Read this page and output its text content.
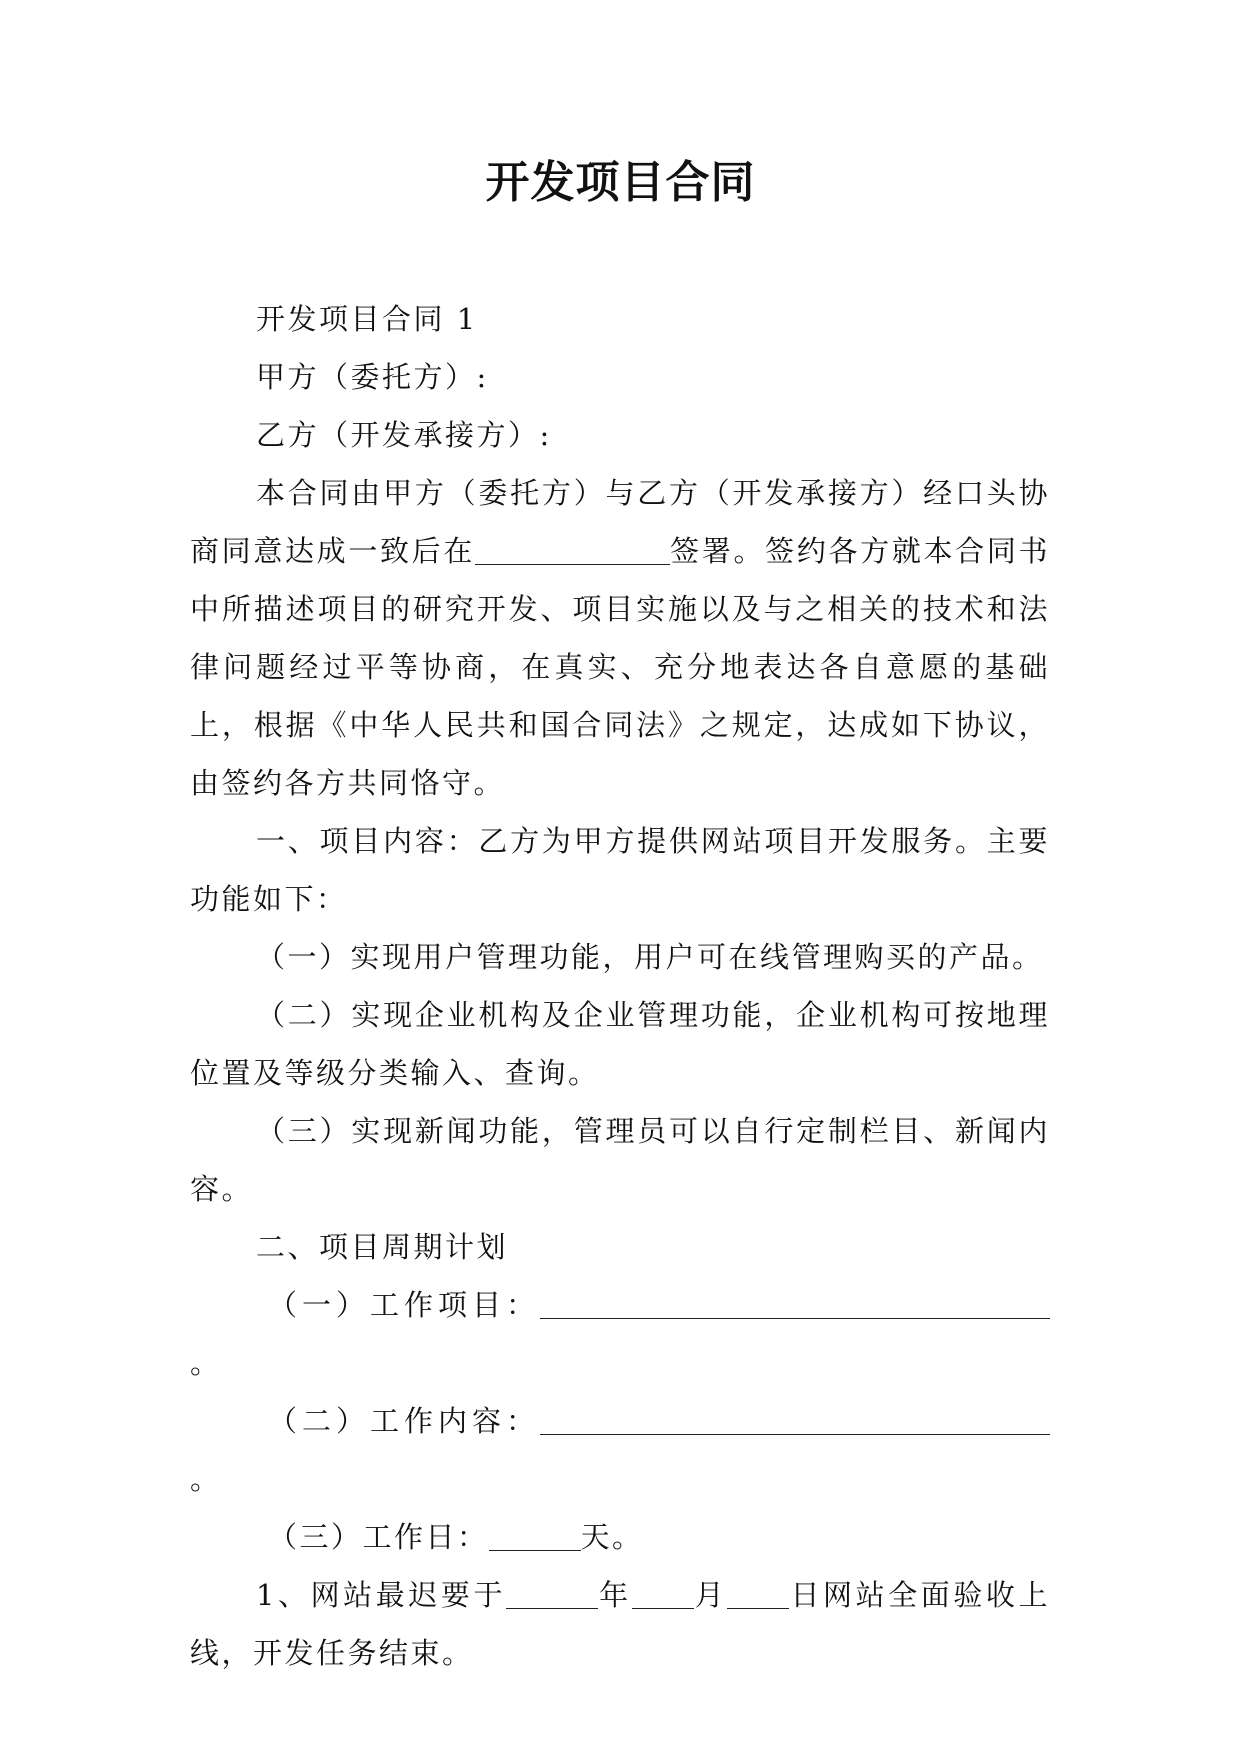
开发项目合同

开发项目合同 1

甲方（委托方）:

乙方（开发承接方）:

本合同由甲方（委托方）与乙方（开发承接方）经口头协商同意达成一致后在	签署。签约各方就本合同书中所描述项目的研究开发、项目实施以及与之相关的技术和法律问题经过平等协商，在真实、充分地表达各自意愿的基础上，根据《中华人民共和国合同法》之规定，达成如下协议，由签约各方共同恪守。

一、项目内容：乙方为甲方提供网站项目开发服务。主要功能如下：

（一）实现用户管理功能，用户可在线管理购买的产品。

（二）实现企业机构及企业管理功能，企业机构可按地理位置及等级分类输入、查询。

（三）实现新闻功能，管理员可以自行定制栏目、新闻内容。

二、项目周期计划

（一）工作项目：。

（二）工作内容：。

（三）工作日：	天。

1、网站最迟要于	年 月 日网站全面验收上线，开发任务结束。
